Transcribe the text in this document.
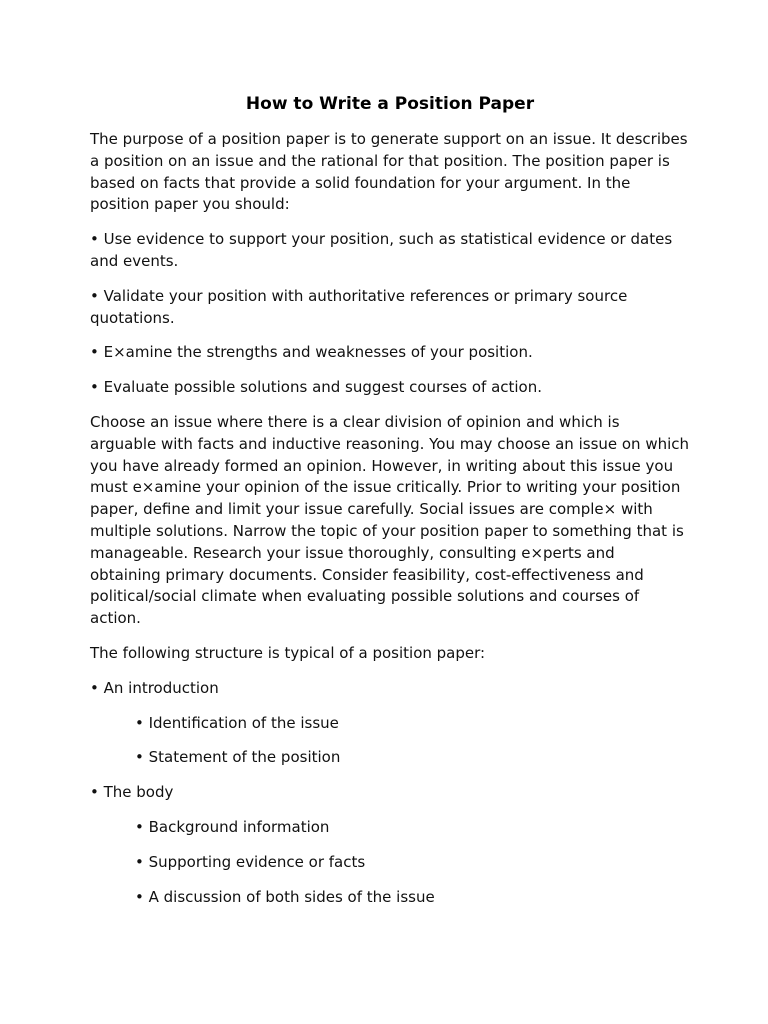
How to Write a Position Paper

The purpose of a position paper is to generate support on an issue. It describes a position on an issue and the rational for that position. The position paper is based on facts that provide a solid foundation for your argument. In the position paper you should:

• Use evidence to support your position, such as statistical evidence or dates and events.

• Validate your position with authoritative references or primary source quotations.

• E×amine the strengths and weaknesses of your position.

• Evaluate possible solutions and suggest courses of action.

Choose an issue where there is a clear division of opinion and which is arguable with facts and inductive reasoning. You may choose an issue on which you have already formed an opinion. However, in writing about this issue you must e×amine your opinion of the issue critically. Prior to writing your position paper, define and limit your issue carefully. Social issues are comple× with multiple solutions. Narrow the topic of your position paper to something that is manageable. Research your issue thoroughly, consulting e×perts and obtaining primary documents. Consider feasibility, cost-effectiveness and political/social climate when evaluating possible solutions and courses of action.

The following structure is typical of a position paper:

• An introduction

• Identification of the issue

• Statement of the position

• The body

• Background information

• Supporting evidence or facts

• A discussion of both sides of the issue
